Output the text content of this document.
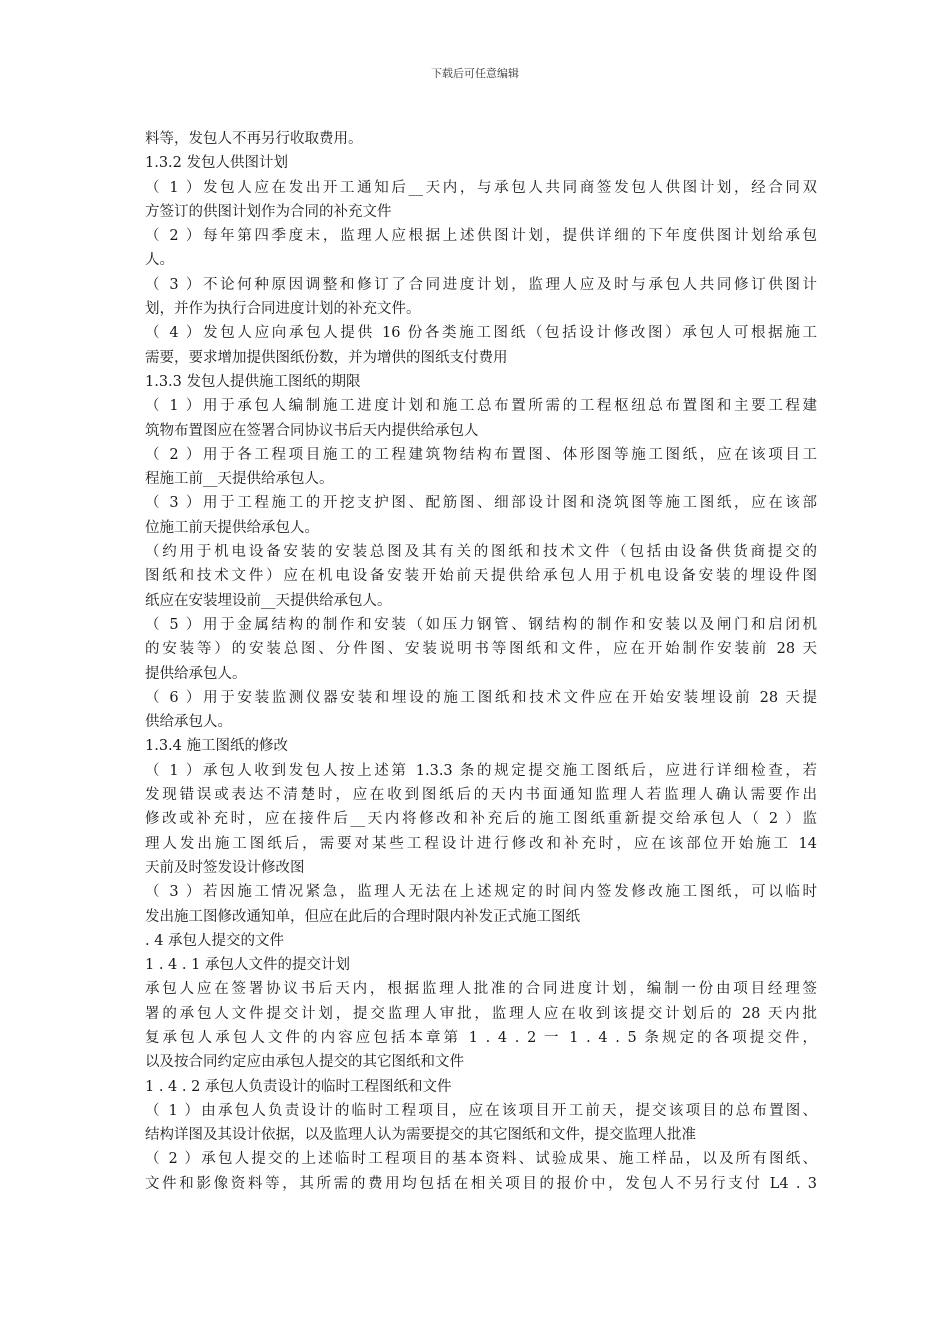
下载后可任意编辑
料等，发包人不再另行收取费用。
1.3.2 发包人供图计划
（ 1 ）发包人应在发出开工通知后__天内，与承包人共同商签发包人供图计划，经合同双
方签订的供图计划作为合同的补充文件
（ 2 ）每年第四季度末，监理人应根据上述供图计划，提供详细的下年度供图计划给承包
人。
（ 3 ）不论何种原因调整和修订了合同进度计划，监理人应及时与承包人共同修订供图计
划，并作为执行合同进度计划的补充文件。
（ 4 ）发包人应向承包人提供 16 份各类施工图纸（包括设计修改图）承包人可根据施工
需要，要求增加提供图纸份数，并为增供的图纸支付费用
1.3.3 发包人提供施工图纸的期限
（ 1 ）用于承包人编制施工进度计划和施工总布置所需的工程枢纽总布置图和主要工程建
筑物布置图应在签署合同协议书后天内提供给承包人
（ 2 ）用于各工程项目施工的工程建筑物结构布置图、体形图等施工图纸，应在该项目工
程施工前__天提供给承包人。
（ 3 ）用于工程施工的开挖支护图、配筋图、细部设计图和浇筑图等施工图纸，应在该部
位施工前天提供给承包人。
（约用于机电设备安装的安装总图及其有关的图纸和技术文件（包括由设备供货商提交的
图纸和技术文件）应在机电设备安装开始前天提供给承包人用于机电设备安装的埋设件图
纸应在安装埋设前__天提供给承包人。
（ 5 ）用于金属结构的制作和安装（如压力钢管、钢结构的制作和安装以及闸门和启闭机
的安装等）的安装总图、分件图、安装说明书等图纸和文件，应在开始制作安装前 28 天
提供给承包人。
（ 6 ）用于安装监测仪器安装和埋设的施工图纸和技术文件应在开始安装埋设前 28 天提
供给承包人。
1.3.4 施工图纸的修改
（ 1 ）承包人收到发包人按上述第 1.3.3 条的规定提交施工图纸后，应进行详细检查，若
发现错误或表达不清楚时，应在收到图纸后的天内书面通知监理人若监理人确认需要作出
修改或补充时，应在接件后__天内将修改和补充后的施工图纸重新提交给承包人（ 2 ）监
理人发出施工图纸后，需要对某些工程设计进行修改和补充时，应在该部位开始施工 14
天前及时签发设计修改图
（ 3 ）若因施工情况紧急，监理人无法在上述规定的时间内签发修改施工图纸，可以临时
发出施工图修改通知单，但应在此后的合理时限内补发正式施工图纸
. 4 承包人提交的文件
1 . 4 . 1 承包人文件的提交计划
承包人应在签署协议书后天内，根据监理人批准的合同进度计划，编制一份由项目经理签
署的承包人文件提交计划，提交监理人审批，监理人应在收到该提交计划后的 28 天内批
复承包人承包人文件的内容应包括本章第 1 . 4 . 2 一 1 . 4 . 5 条规定的各项提交件，
以及按合同约定应由承包人提交的其它图纸和文件
1 . 4 . 2 承包人负责设计的临时工程图纸和文件
（ 1 ）由承包人负责设计的临时工程项目，应在该项目开工前天，提交该项目的总布置图、
结构详图及其设计依据，以及监理人认为需要提交的其它图纸和文件，提交监理人批准
（ 2 ）承包人提交的上述临时工程项目的基本资料、试验成果、施工样品，以及所有图纸、
文件和影像资料等，其所需的费用均包括在相关项目的报价中，发包人不另行支付 L4 . 3
